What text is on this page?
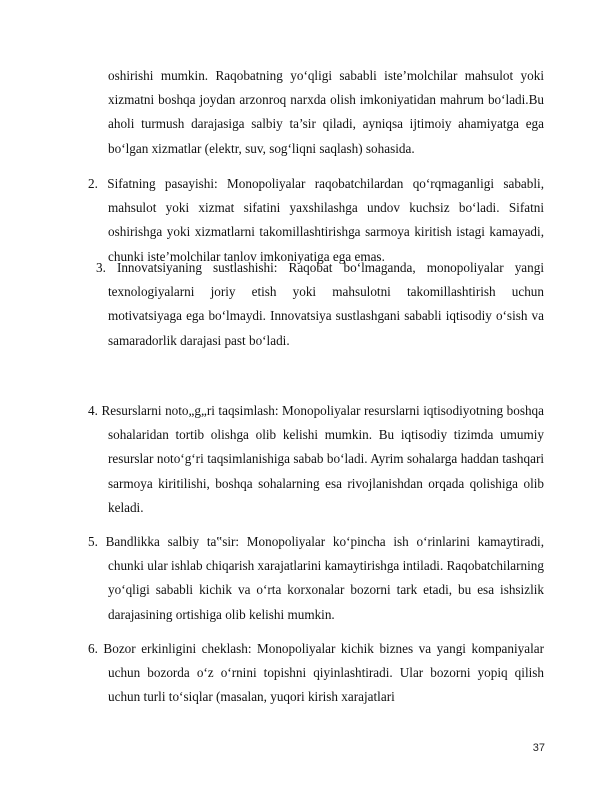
oshirishi mumkin. Raqobatning yo‘qligi sababli iste’molchilar mahsulot yoki xizmatni boshqa joydan arzonroq narxda olish imkoniyatidan mahrum bo‘ladi.Bu aholi turmush darajasiga salbiy ta’sir qiladi, ayniqsa ijtimoiy ahamiyatga ega bo‘lgan xizmatlar (elektr, suv, sog‘liqni saqlash) sohasida.

2. Sifatning pasayishi: Monopoliyalar raqobatchilardan qo‘rqmaganligi sababli, mahsulot yoki xizmat sifatini yaxshilashga undov kuchsiz bo‘ladi. Sifatni oshirishga yoki xizmatlarni takomillashtirishga sarmoya kiritish istagi kamayadi, chunki iste’molchilar tanlov imkoniyatiga ega emas.

3. Innovatsiyaning sustlashishi: Raqobat bo‘lmaganda, monopoliyalar yangi texnologiyalarni joriy etish yoki mahsulotni takomillashtirish uchun motivatsiyaga ega bo‘lmaydi. Innovatsiya sustlashgani sababli iqtisodiy o‘sish va samaradorlik darajasi past bo‘ladi.

4. Resurslarni noto„g„ri taqsimlash: Monopoliyalar resurslarni iqtisodiyotning boshqa sohalaridan tortib olishga olib kelishi mumkin. Bu iqtisodiy tizimda umumiy resurslar noto‘g‘ri taqsimlanishiga sabab bo‘ladi. Ayrim sohalarga haddan tashqari sarmoya kiritilishi, boshqa sohalarning esa rivojlanishdan orqada qolishiga olib keladi.

5. Bandlikka salbiy ta‟sir: Monopoliyalar ko‘pincha ish o‘rinlarini kamaytiradi, chunki ular ishlab chiqarish xarajatlarini kamaytirishga intiladi. Raqobatchilarning yo‘qligi sababli kichik va o‘rta korxonalar bozorni tark etadi, bu esa ishsizlik darajasining ortishiga olib kelishi mumkin.

6. Bozor erkinligini cheklash: Monopoliyalar kichik biznes va yangi kompaniyalar uchun bozorda o‘z o‘rnini topishni qiyinlashtiradi. Ular bozorni yopiq qilish uchun turli to‘siqlar (masalan, yuqori kirish xarajatlari

37
